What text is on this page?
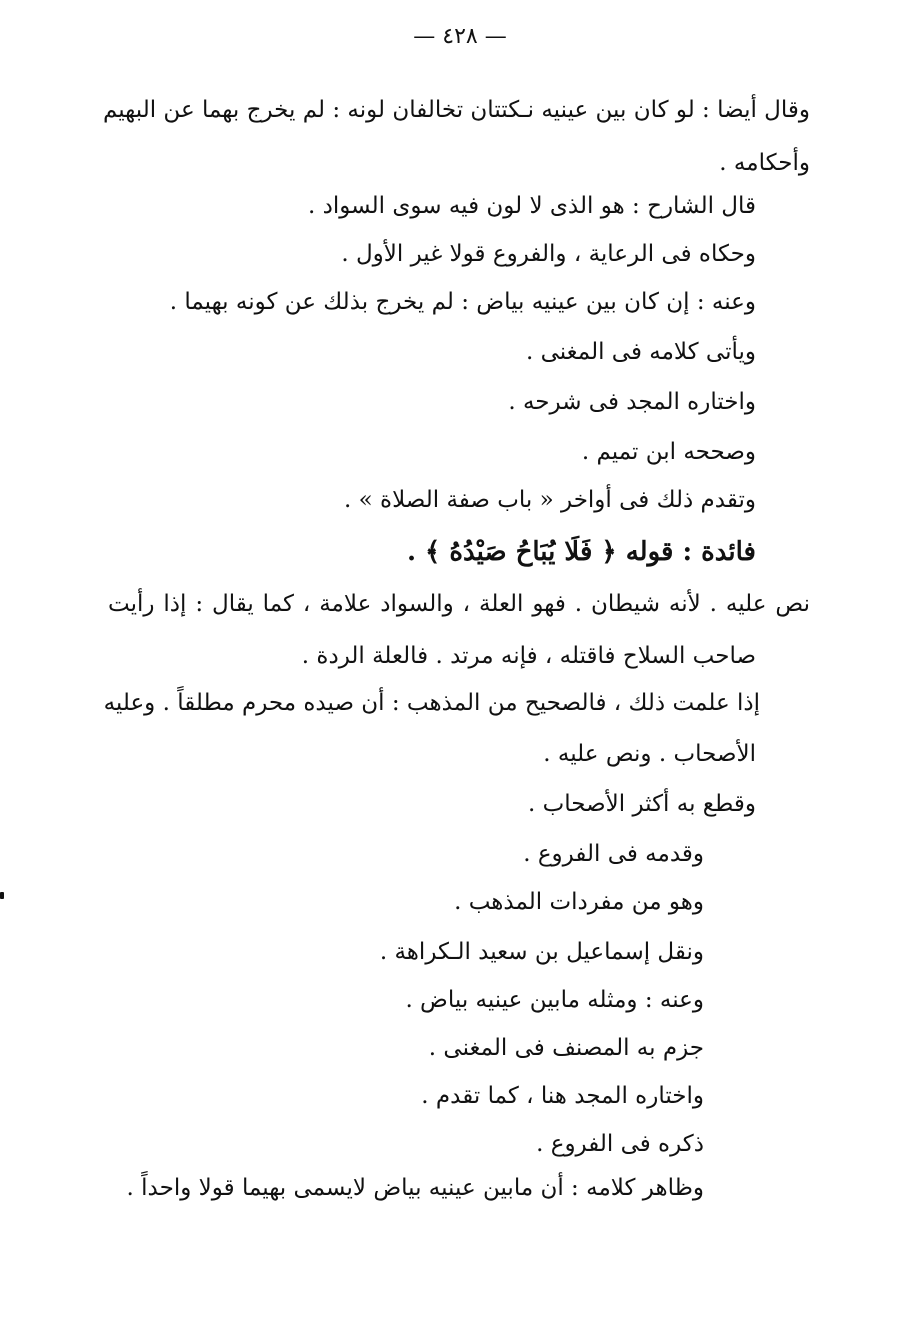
— ٤٢٨ —
وقال أيضا : لو كان بين عينيه نـكتتان تخالفان لونه : لم يخرج بهما عن البهيم
وأحكامه .
قال الشارح : هو الذى لا لون فيه سوى السواد .
وحكاه فى الرعاية ، والفروع قولا غير الأول .
وعنه : إن كان بين عينيه بياض : لم يخرج بذلك عن كونه بهيما .
ويأتى كلامه فى المغنى .
واختاره المجد فى شرحه .
وصححه ابن تميم .
وتقدم ذلك فى أواخر « باب صفة الصلاة » .
فائدة : قوله ﴿ فَلَا يُبَاحُ صَيْدُهُ ﴾ .
نص عليه . لأنه شيطان . فهو العلة ، والسواد علامة ، كما يقال : إذا رأيت
صاحب السلاح فاقتله ، فإنه مرتد . فالعلة الردة .
إذا علمت ذلك ، فالصحيح من المذهب : أن صيده محرم مطلقاً . وعليه
الأصحاب . ونص عليه .
وقطع به أكثر الأصحاب .
وقدمه فى الفروع .
وهو من مفردات المذهب .
ونقل إسماعيل بن سعيد الـكراهة .
وعنه : ومثله مابين عينيه بياض .
جزم به المصنف فى المغنى .
واختاره المجد هنا ، كما تقدم .
ذكره فى الفروع .
وظاهر كلامه : أن مابين عينيه بياض لايسمى بهيما قولا واحداً .
